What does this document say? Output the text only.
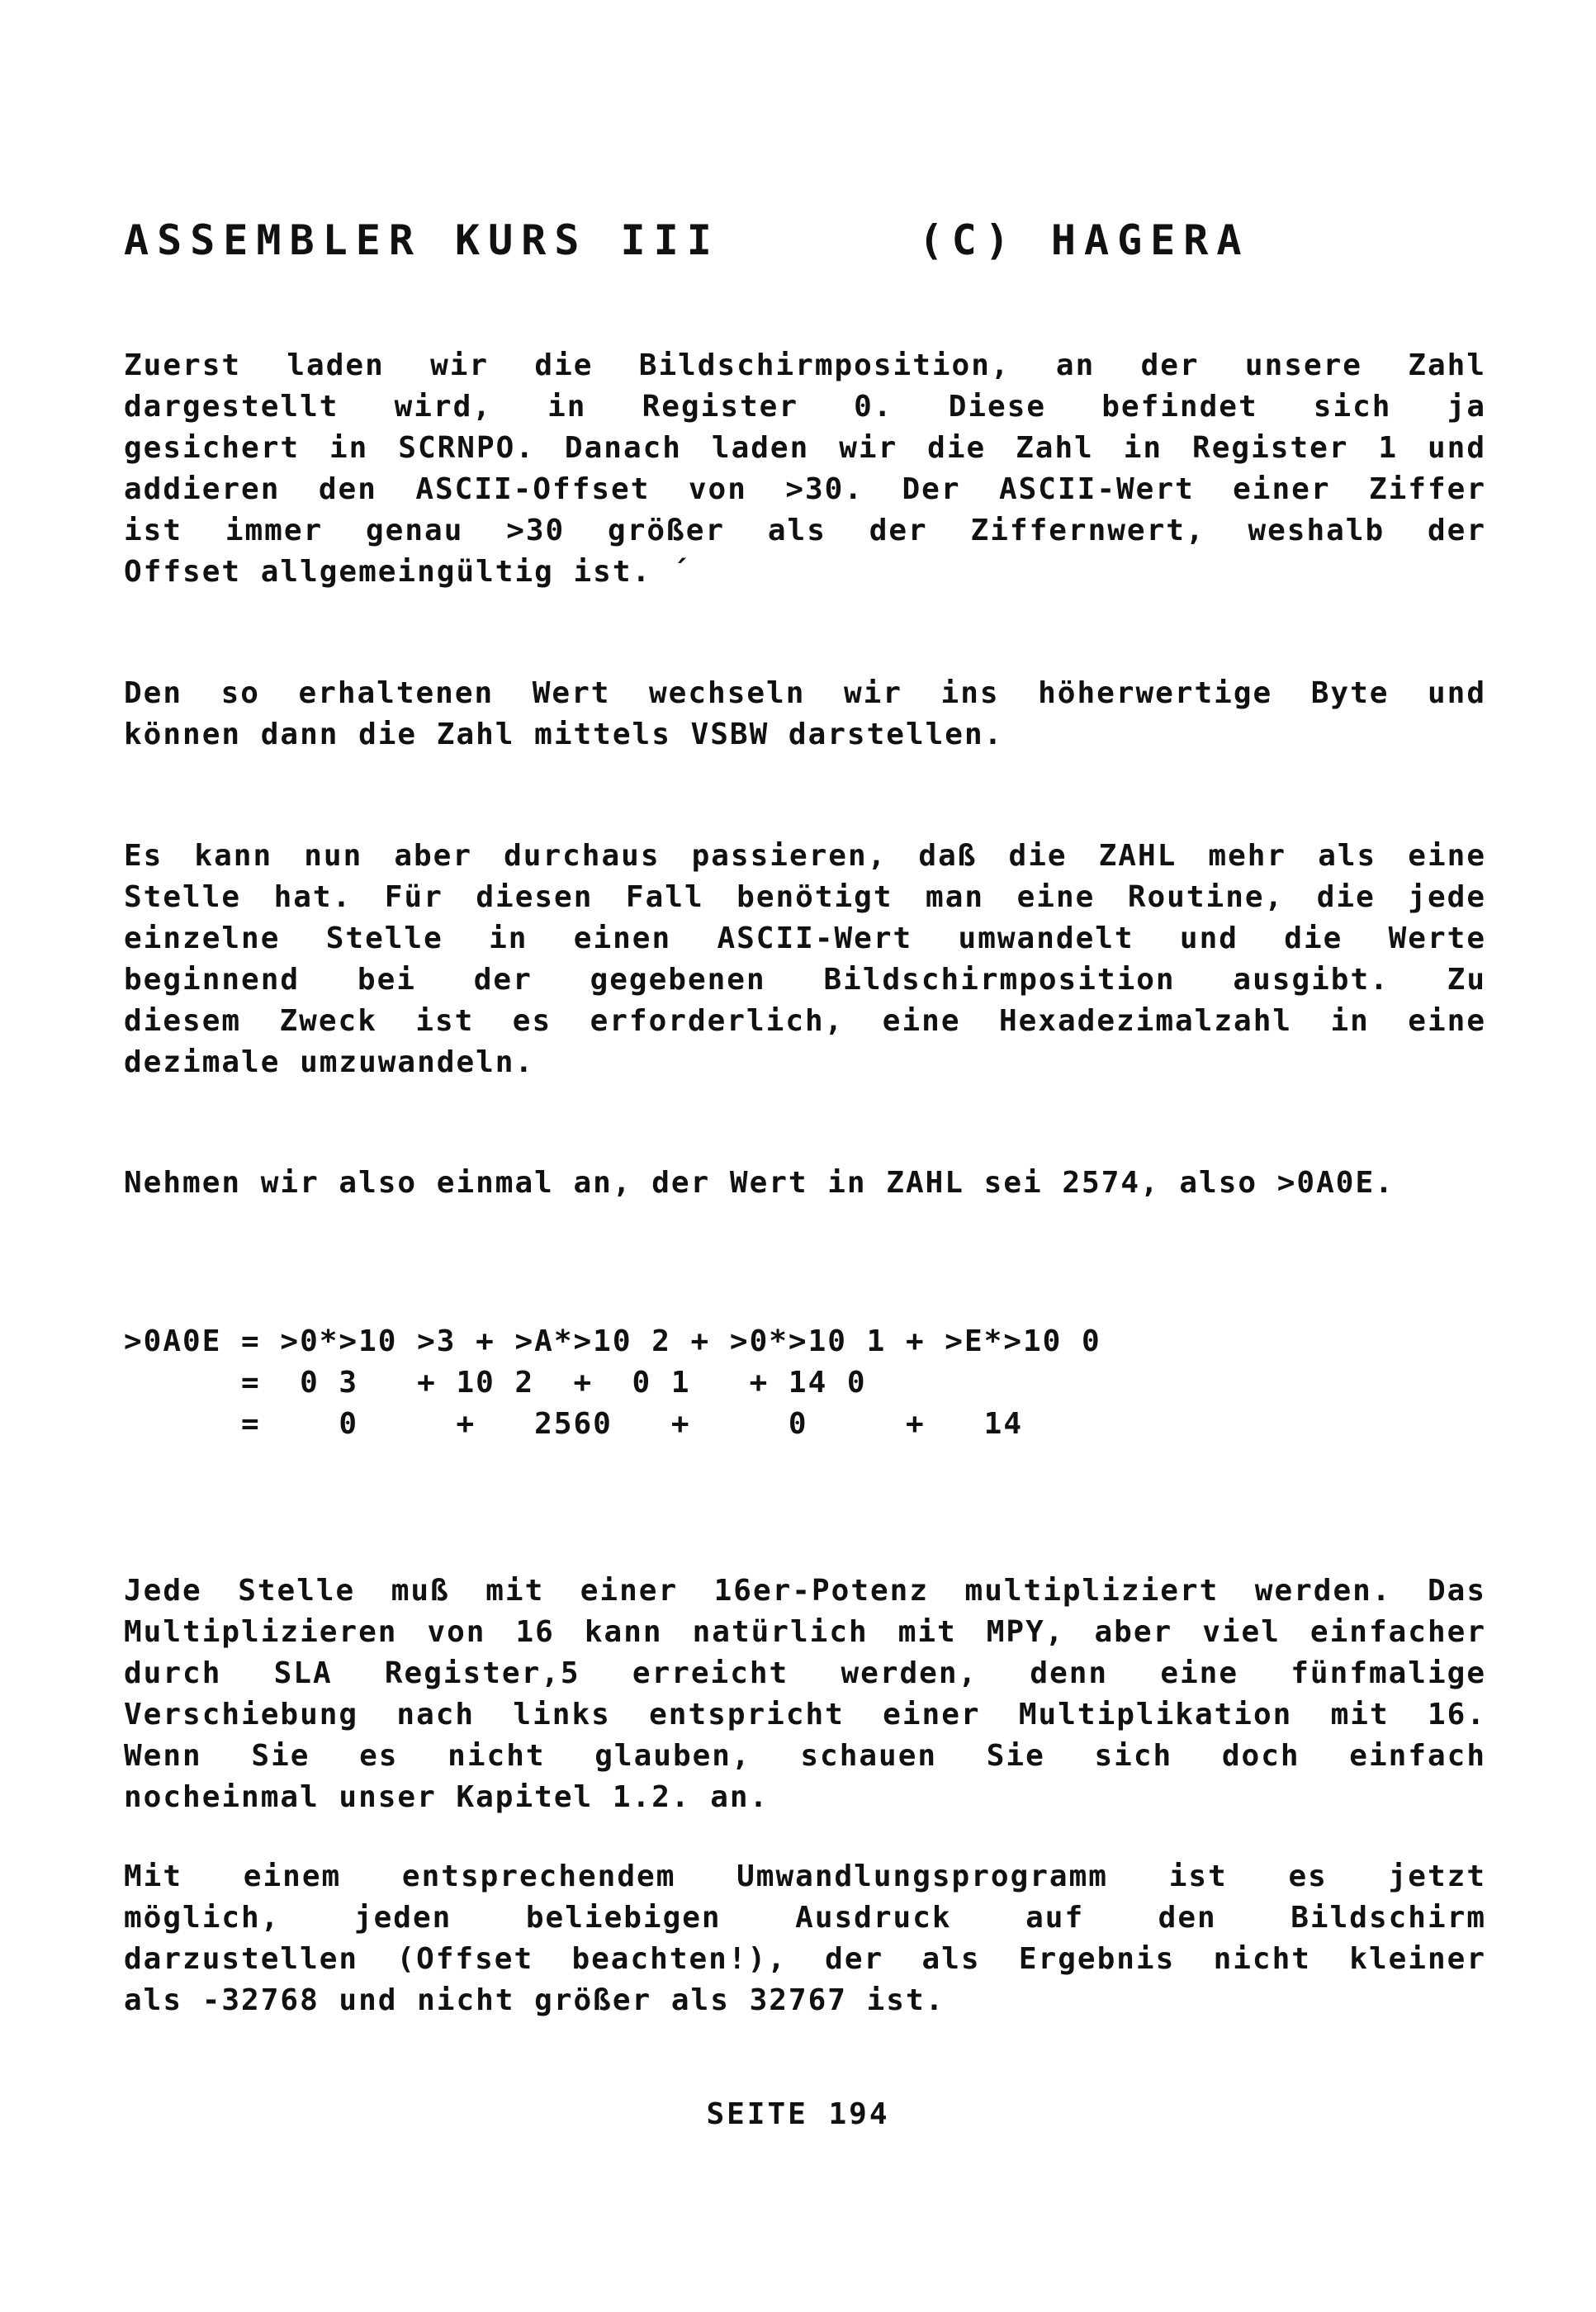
ASSEMBLER KURS III      (C) HAGERA
Zuerst laden wir die Bildschirmposition, an der unsere Zahl
dargestellt wird, in Register 0. Diese befindet sich ja
gesichert in SCRNPO. Danach laden wir die Zahl in Register 1 und
addieren den ASCII-Offset von >30. Der ASCII-Wert einer Ziffer
ist immer genau >30 größer als der Ziffernwert, weshalb der
Offset allgemeingültig ist. ´
Den so erhaltenen Wert wechseln wir ins höherwertige Byte und
können dann die Zahl mittels VSBW darstellen.
Es kann nun aber durchaus passieren, daß die ZAHL mehr als eine
Stelle hat. Für diesen Fall benötigt man eine Routine, die jede
einzelne Stelle in einen ASCII-Wert umwandelt und die Werte
beginnend bei der gegebenen Bildschirmposition ausgibt. Zu
diesem Zweck ist es erforderlich, eine Hexadezimalzahl in eine
dezimale umzuwandeln.
Nehmen wir also einmal an, der Wert in ZAHL sei 2574, also >0A0E.
>0A0E = >0*>10 >3 + >A*>10 2 + >0*>10 1 + >E*>10 0
=  0 3   + 10 2  +  0 1   + 14 0
=    0     +   2560   +     0     +   14
Jede Stelle muß mit einer 16er-Potenz multipliziert werden. Das
Multiplizieren von 16 kann natürlich mit MPY, aber viel einfacher
durch SLA Register,5 erreicht werden, denn eine fünfmalige
Verschiebung nach links entspricht einer Multiplikation mit 16.
Wenn Sie es nicht glauben, schauen Sie sich doch einfach
nocheinmal unser Kapitel 1.2. an.
Mit einem entsprechendem Umwandlungsprogramm ist es jetzt
möglich, jeden beliebigen Ausdruck auf den Bildschirm
darzustellen (Offset beachten!), der als Ergebnis nicht kleiner
als -32768 und nicht größer als 32767 ist.
SEITE 194
